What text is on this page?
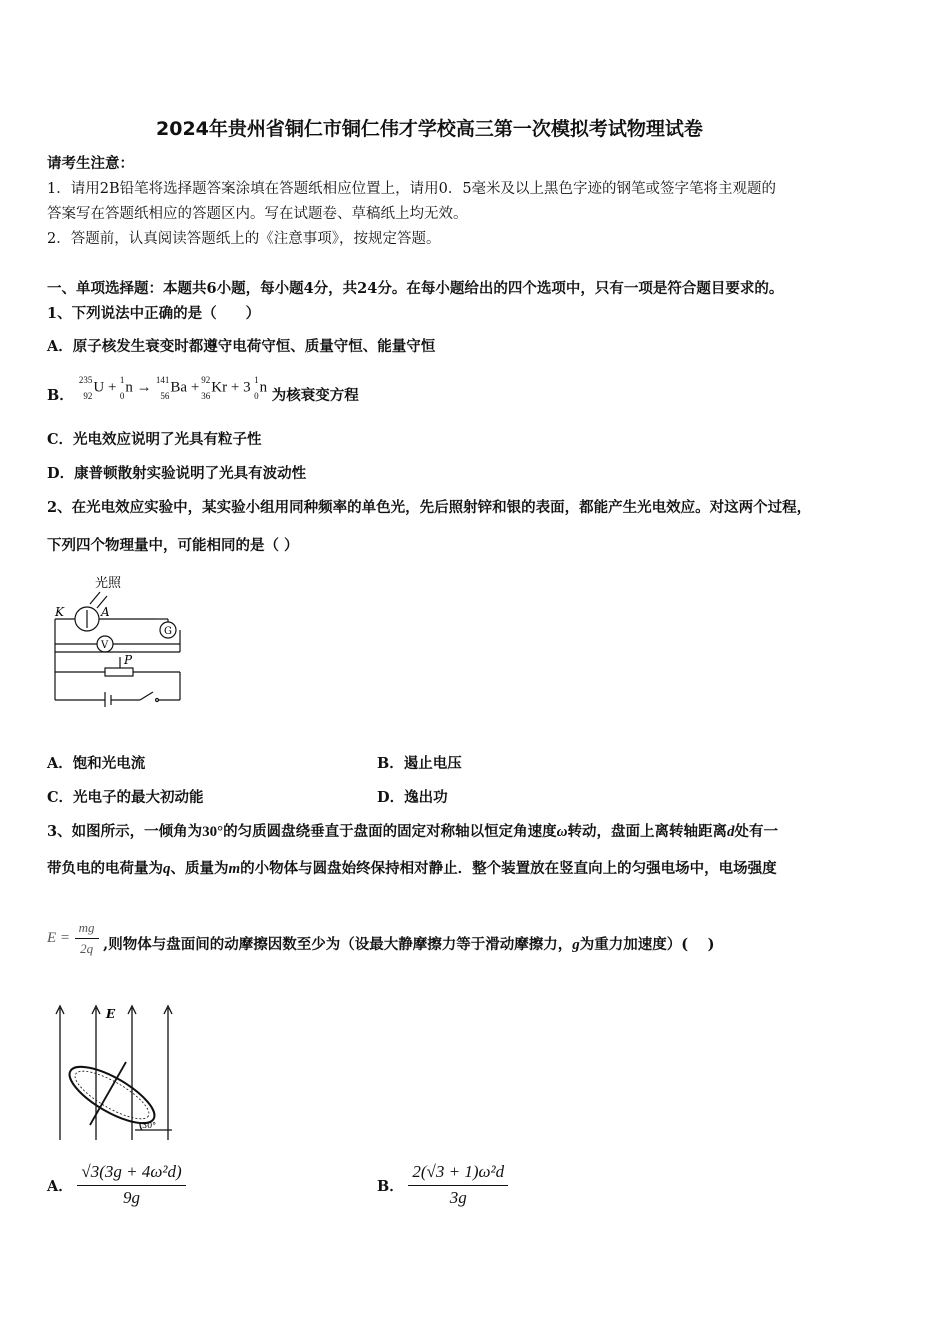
2024年贵州省铜仁市铜仁伟才学校高三第一次模拟考试物理试卷
请考生注意：
1．请用2B铅笔将选择题答案涂填在答题纸相应位置上，请用0．5毫米及以上黑色字迹的钢笔或签字笔将主观题的
答案写在答题纸相应的答题区内。写在试题卷、草稿纸上均无效。
2．答题前，认真阅读答题纸上的《注意事项》，按规定答题。
一、单项选择题：本题共6小题，每小题4分，共24分。在每小题给出的四个选项中，只有一项是符合题目要求的。
1、下列说法中正确的是（　　）
A．原子核发生衰变时都遵守电荷守恒、质量守恒、能量守恒
B．
235
92
U + 1
0
n → 141
56
Ba + 92
36
Kr + 3 1
0
n 为核衰变方程
C．光电效应说明了光具有粒子性
D．康普顿散射实验说明了光具有波动性
2、在光电效应实验中，某实验小组用同种频率的单色光，先后照射锌和银的表面，都能产生光电效应。对这两个过程，
下列四个物理量中，可能相同的是（ ）
光照
K	A
V
G
P
A．饱和光电流	B．遏止电压
C．光电子的最大初动能	D．逸出功
3、如图所示，一倾角为30°的匀质圆盘绕垂直于盘面的固定对称轴以恒定角速度ω转动，盘面上离转轴距离d处有一
带负电的电荷量为q、质量为m的小物体与圆盘始终保持相对静止．整个装置放在竖直向上的匀强电场中，电场强度
$E = \frac{mg}{2q}$ ,则物体与盘面间的动摩擦因数至少为（设最大静摩擦力等于滑动摩擦力，g为重力加速度）(　 )
E
30°
A． $\frac{\text{√3(3g + 4ω²d)}}{9g}$	B． $\frac{\text{2(√3 + 1)ω²d}}{3g}$
